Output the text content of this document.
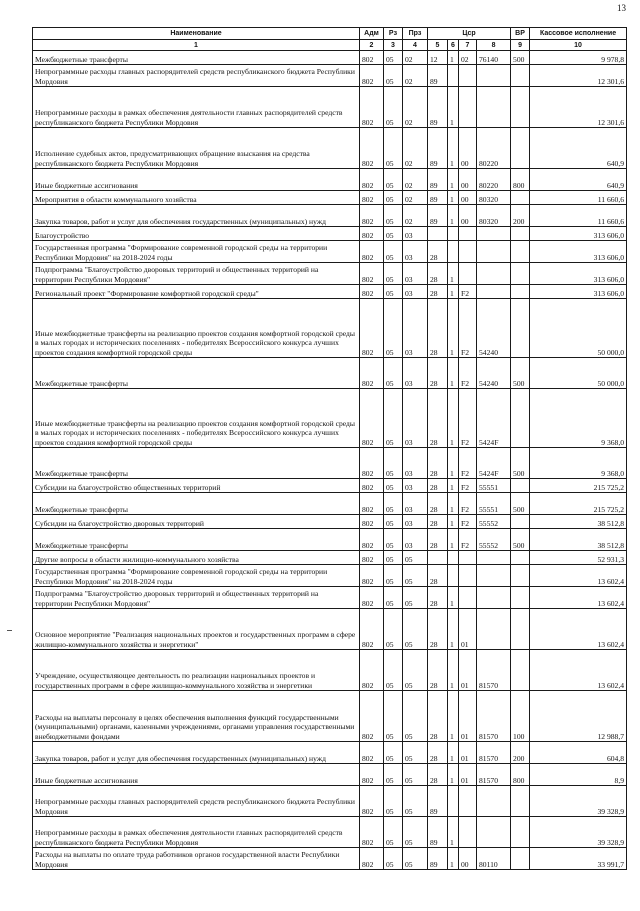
13
Наименование	Адм	Рз	Прз	Цср				ВР	Кассовое исполнение
1	2	3	4	5	6	7	8	9	10
Межбюджетные трансферты	802	05	02	12	1	02	76140	500	9 978,8
Непрограммные расходы главных распорядителей средств республиканского бюджета Республики Мордовия	802	05	02	89					12 301,6
Непрограммные расходы в рамках обеспечения деятельности главных распорядителей средств республиканского бюджета Республики Мордовия	802	05	02	89	1				12 301,6
Исполнение судебных актов, предусматривающих обращение взыскания на средства республиканского бюджета Республики Мордовия	802	05	02	89	1	00	80220		640,9
Иные бюджетные ассигнования	802	05	02	89	1	00	80220	800	640,9
Мероприятия в области коммунального хозяйства	802	05	02	89	1	00	80320		11 660,6
Закупка товаров, работ и услуг для обеспечения государственных (муниципальных) нужд	802	05	02	89	1	00	80320	200	11 660,6
Благоустройство	802	05	03						313 606,0
Государственная программа "Формирование современной городской среды на территории Республики Мордовия" на 2018-2024 годы	802	05	03	28					313 606,0
Подпрограмма "Благоустройство дворовых территорий и общественных территорий на территории Республики Мордовия"	802	05	03	28	1				313 606,0
Региональный проект "Формирование комфортной городской среды"	802	05	03	28	1	F2			313 606,0
Иные межбюджетные трансферты на реализацию проектов создания комфортной городской среды в малых городах и исторических поселениях - победителях Всероссийского конкурса лучших проектов создания комфортной городской среды	802	05	03	28	1	F2	54240		50 000,0
Межбюджетные трансферты	802	05	03	28	1	F2	54240	500	50 000,0
Иные межбюджетные трансферты на реализацию проектов создания комфортной городской среды в малых городах и исторических поселениях - победителях Всероссийского конкурса лучших проектов создания комфортной городской среды	802	05	03	28	1	F2	5424F		9 368,0
Межбюджетные трансферты	802	05	03	28	1	F2	5424F	500	9 368,0
Субсидии на благоустройство общественных территорий	802	05	03	28	1	F2	55551		215 725,2
Межбюджетные трансферты	802	05	03	28	1	F2	55551	500	215 725,2
Субсидии на благоустройство дворовых территорий	802	05	03	28	1	F2	55552		38 512,8
Межбюджетные трансферты	802	05	03	28	1	F2	55552	500	38 512,8
Другие вопросы в области жилищно-коммунального хозяйства	802	05	05						52 931,3
Государственная программа "Формирование современной городской среды на территории Республики Мордовия" на 2018-2024 годы	802	05	05	28					13 602,4
Подпрограмма "Благоустройство дворовых территорий и общественных территорий на территории Республики Мордовия"	802	05	05	28	1				13 602,4
Основное мероприятие "Реализация национальных проектов и государственных программ в сфере жилищно-коммунального хозяйства и энергетики"	802	05	05	28	1	01			13 602,4
Учреждение, осуществляющее деятельность по реализации национальных проектов и государственных программ в сфере жилищно-коммунального хозяйства и энергетики	802	05	05	28	1	01	81570		13 602,4
Расходы на выплаты персоналу в целях обеспечения выполнения функций государственными (муниципальными) органами, казенными учреждениями, органами управления государственными внебюджетными фондами	802	05	05	28	1	01	81570	100	12 988,7
Закупка товаров, работ и услуг для обеспечения государственных (муниципальных) нужд	802	05	05	28	1	01	81570	200	604,8
Иные бюджетные ассигнования	802	05	05	28	1	01	81570	800	8,9
Непрограммные расходы главных распорядителей средств республиканского бюджета Республики Мордовия	802	05	05	89					39 328,9
Непрограммные расходы в рамках обеспечения деятельности главных распорядителей средств республиканского бюджета Республики Мордовия	802	05	05	89	1				39 328,9
Расходы на выплаты по оплате труда работников органов государственной власти Республики Мордовия	802	05	05	89	1	00	80110		33 991,7
